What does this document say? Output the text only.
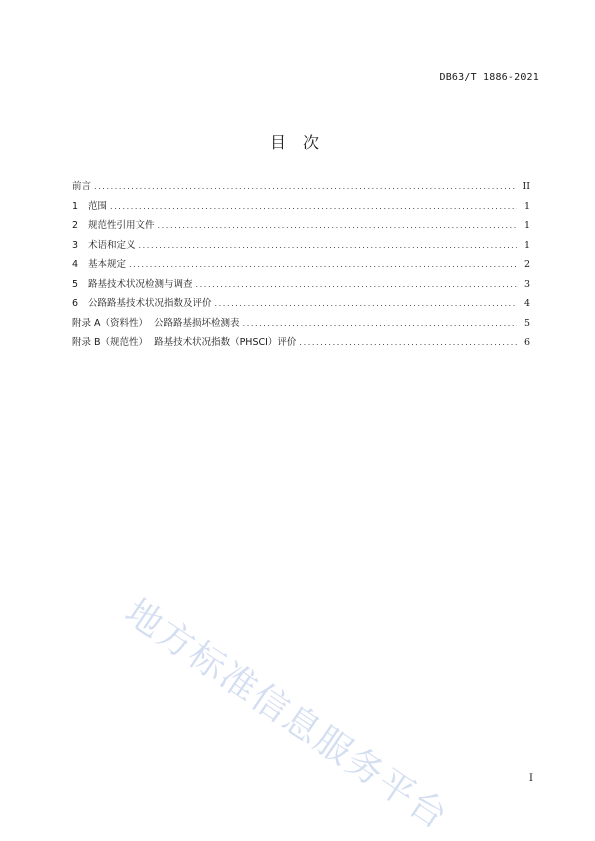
DB63/T 1886-2021
目 次
前言 .....	II
1	范围 .....	1
2	规范性引用文件 .....	1
3	术语和定义 .....	1
4	基本规定 .....	2
5	路基技术状况检测与调查 .....	3
6	公路路基技术状况指数及评价 .....	4
附录 A（资料性）  公路路基损坏检测表 .....	5
附录 B（规范性）  路基技术状况指数（PHSCI）评价 .....	6
地方标准信息服务平台	I
